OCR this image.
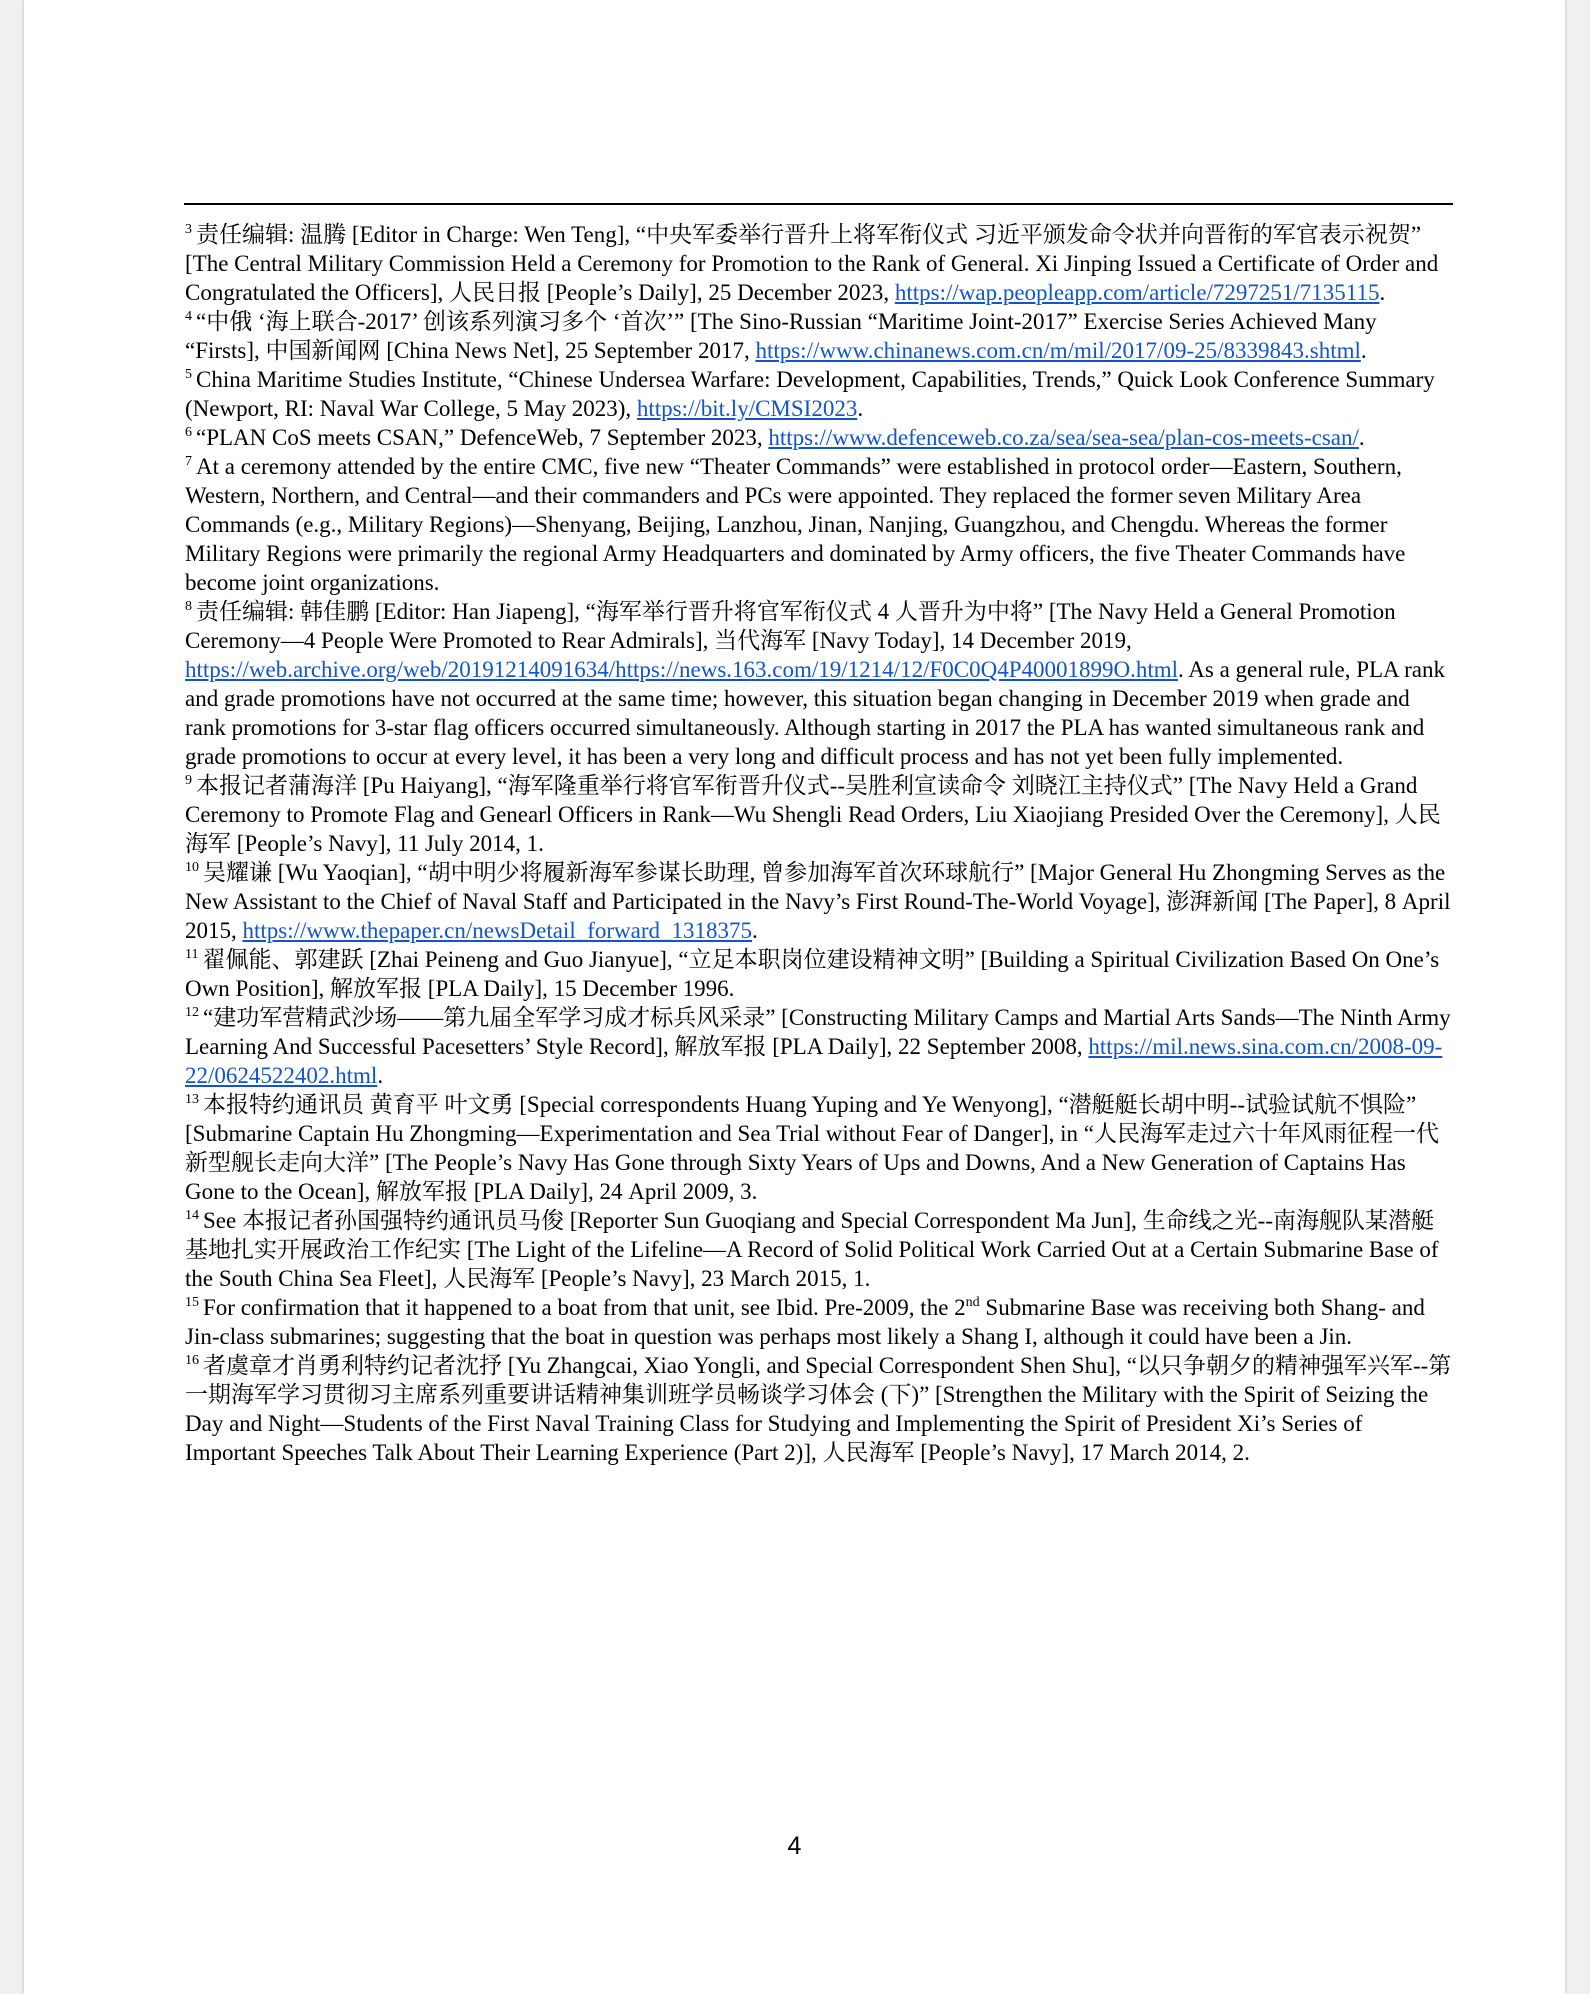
$^3$ 责任编辑: 温腾 [Editor in Charge: Wen Teng], “中央军委举行晋升上将军衔仪式 习近平颁发命令状并向晋衔的军官表示祝贺” [The Central Military Commission Held a Ceremony for Promotion to the Rank of General. Xi Jinping Issued a Certificate of Order and Congratulated the Officers], 人民日报 [People’s Daily], 25 December 2023, https://wap.peopleapp.com/article/7297251/7135115.

$^4$ “中俄 ‘海上联合-2017’ 创该系列演习多个 ‘首次’” [The Sino-Russian “Maritime Joint-2017” Exercise Series Achieved Many “Firsts], 中国新闻网 [China News Net], 25 September 2017, https://www.chinanews.com.cn/m/mil/2017/09-25/8339843.shtml.

$^5$ China Maritime Studies Institute, “Chinese Undersea Warfare: Development, Capabilities, Trends,” Quick Look Conference Summary (Newport, RI: Naval War College, 5 May 2023), https://bit.ly/CMSI2023.

$^6$ “PLAN CoS meets CSAN,” DefenceWeb, 7 September 2023, https://www.defenceweb.co.za/sea/sea-sea/plan-cos-meets-csan/.

$^7$ At a ceremony attended by the entire CMC, five new “Theater Commands” were established in protocol order—Eastern, Southern, Western, Northern, and Central—and their commanders and PCs were appointed. They replaced the former seven Military Area Commands (e.g., Military Regions)—Shenyang, Beijing, Lanzhou, Jinan, Nanjing, Guangzhou, and Chengdu. Whereas the former Military Regions were primarily the regional Army Headquarters and dominated by Army officers, the five Theater Commands have become joint organizations.

$^8$ 责任编辑: 韩佳鹏 [Editor: Han Jiapeng], “海军举行晋升将官军衔仪式 4 人晋升为中将” [The Navy Held a General Promotion Ceremony—4 People Were Promoted to Rear Admirals], 当代海军 [Navy Today], 14 December 2019, https://web.archive.org/web/20191214091634/https://news.163.com/19/1214/12/F0C0Q4P40001899O.html. As a general rule, PLA rank and grade promotions have not occurred at the same time; however, this situation began changing in December 2019 when grade and rank promotions for 3-star flag officers occurred simultaneously. Although starting in 2017 the PLA has wanted simultaneous rank and grade promotions to occur at every level, it has been a very long and difficult process and has not yet been fully implemented.

$^9$ 本报记者蒲海洋 [Pu Haiyang], “海军隆重举行将官军衔晋升仪式--吴胜利宣读命令 刘晓江主持仪式” [The Navy Held a Grand Ceremony to Promote Flag and Genearl Officers in Rank—Wu Shengli Read Orders, Liu Xiaojiang Presided Over the Ceremony], 人民海军 [People’s Navy], 11 July 2014, 1.

$^{10}$ 吴耀谦 [Wu Yaoqian], “胡中明少将履新海军参谋长助理, 曾参加海军首次环球航行” [Major General Hu Zhongming Serves as the New Assistant to the Chief of Naval Staff and Participated in the Navy’s First Round-The-World Voyage], 澎湃新闻 [The Paper], 8 April 2015, https://www.thepaper.cn/newsDetail_forward_1318375.

$^{11}$ 翟佩能、郭建跃 [Zhai Peineng and Guo Jianyue], “立足本职岗位建设精神文明” [Building a Spiritual Civilization Based On One’s Own Position], 解放军报 [PLA Daily], 15 December 1996.

$^{12}$ “建功军营精武沙场——第九届全军学习成才标兵风采录” [Constructing Military Camps and Martial Arts Sands—The Ninth Army Learning And Successful Pacesetters’ Style Record], 解放军报 [PLA Daily], 22 September 2008, https://mil.news.sina.com.cn/2008-09-22/0624522402.html.

$^{13}$ 本报特约通讯员 黄育平 叶文勇 [Special correspondents Huang Yuping and Ye Wenyong], “潜艇艇长胡中明--试验试航不惧险” [Submarine Captain Hu Zhongming—Experimentation and Sea Trial without Fear of Danger], in “人民海军走过六十年风雨征程一代新型舰长走向大洋” [The People’s Navy Has Gone through Sixty Years of Ups and Downs, And a New Generation of Captains Has Gone to the Ocean], 解放军报 [PLA Daily], 24 April 2009, 3.

$^{14}$ See 本报记者孙国强特约通讯员马俊 [Reporter Sun Guoqiang and Special Correspondent Ma Jun], 生命线之光--南海舰队某潜艇基地扎实开展政治工作纪实 [The Light of the Lifeline—A Record of Solid Political Work Carried Out at a Certain Submarine Base of the South China Sea Fleet], 人民海军 [People’s Navy], 23 March 2015, 1.

$^{15}$ For confirmation that it happened to a boat from that unit, see Ibid. Pre-2009, the 2nd Submarine Base was receiving both Shang- and Jin-class submarines; suggesting that the boat in question was perhaps most likely a Shang I, although it could have been a Jin.

$^{16}$ 者虞章才肖勇利特约记者沈抒 [Yu Zhangcai, Xiao Yongli, and Special Correspondent Shen Shu], “以只争朝夕的精神强军兴军--第一期海军学习贯彻习主席系列重要讲话精神集训班学员畅谈学习体会 (下)” [Strengthen the Military with the Spirit of Seizing the Day and Night—Students of the First Naval Training Class for Studying and Implementing the Spirit of President Xi’s Series of Important Speeches Talk About Their Learning Experience (Part 2)], 人民海军 [People’s Navy], 17 March 2014, 2.

4
